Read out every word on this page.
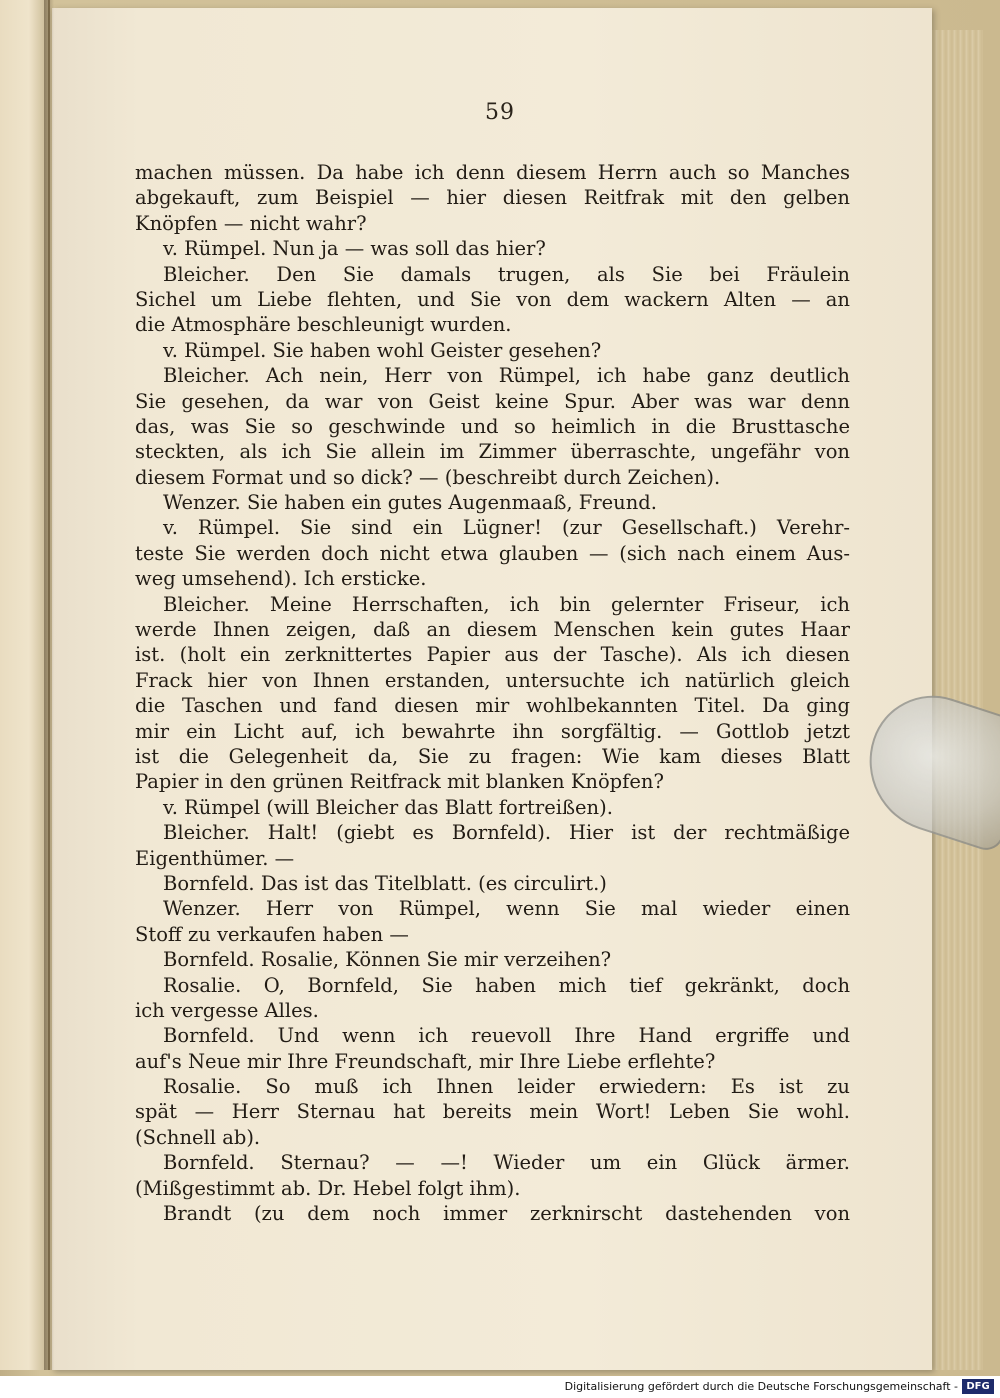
59
machen müssen. Da habe ich denn diesem Herrn auch so Manches
abgekauft, zum Beispiel — hier diesen Reitfrak mit den gelben
Knöpfen — nicht wahr?
v. Rümpel. Nun ja — was soll das hier?
Bleicher. Den Sie damals trugen, als Sie bei Fräulein
Sichel um Liebe flehten, und Sie von dem wackern Alten — an
die Atmosphäre beschleunigt wurden.
v. Rümpel. Sie haben wohl Geister gesehen?
Bleicher. Ach nein, Herr von Rümpel, ich habe ganz deutlich
Sie gesehen, da war von Geist keine Spur. Aber was war denn
das, was Sie so geschwinde und so heimlich in die Brusttasche
steckten, als ich Sie allein im Zimmer überraschte, ungefähr von
diesem Format und so dick? — (beschreibt durch Zeichen).
Wenzer. Sie haben ein gutes Augenmaaß, Freund.
v. Rümpel. Sie sind ein Lügner! (zur Gesellschaft.) Verehr-
teste Sie werden doch nicht etwa glauben — (sich nach einem Aus-
weg umsehend). Ich ersticke.
Bleicher. Meine Herrschaften, ich bin gelernter Friseur, ich
werde Ihnen zeigen, daß an diesem Menschen kein gutes Haar
ist. (holt ein zerknittertes Papier aus der Tasche). Als ich diesen
Frack hier von Ihnen erstanden, untersuchte ich natürlich gleich
die Taschen und fand diesen mir wohlbekannten Titel. Da ging
mir ein Licht auf, ich bewahrte ihn sorgfältig. — Gottlob jetzt
ist die Gelegenheit da, Sie zu fragen: Wie kam dieses Blatt
Papier in den grünen Reitfrack mit blanken Knöpfen?
v. Rümpel (will Bleicher das Blatt fortreißen).
Bleicher. Halt! (giebt es Bornfeld). Hier ist der rechtmäßige
Eigenthümer. —
Bornfeld. Das ist das Titelblatt. (es circulirt.)
Wenzer. Herr von Rümpel, wenn Sie mal wieder einen
Stoff zu verkaufen haben —
Bornfeld. Rosalie, Können Sie mir verzeihen?
Rosalie. O, Bornfeld, Sie haben mich tief gekränkt, doch
ich vergesse Alles.
Bornfeld. Und wenn ich reuevoll Ihre Hand ergriffe und
auf's Neue mir Ihre Freundschaft, mir Ihre Liebe erflehte?
Rosalie. So muß ich Ihnen leider erwiedern: Es ist zu
spät — Herr Sternau hat bereits mein Wort! Leben Sie wohl.
(Schnell ab).
Bornfeld. Sternau? — —! Wieder um ein Glück ärmer.
(Mißgestimmt ab. Dr. Hebel folgt ihm).
Brandt (zu dem noch immer zerknirscht dastehenden von
Digitalisierung gefördert durch die Deutsche Forschungsgemeinschaft - DFG
